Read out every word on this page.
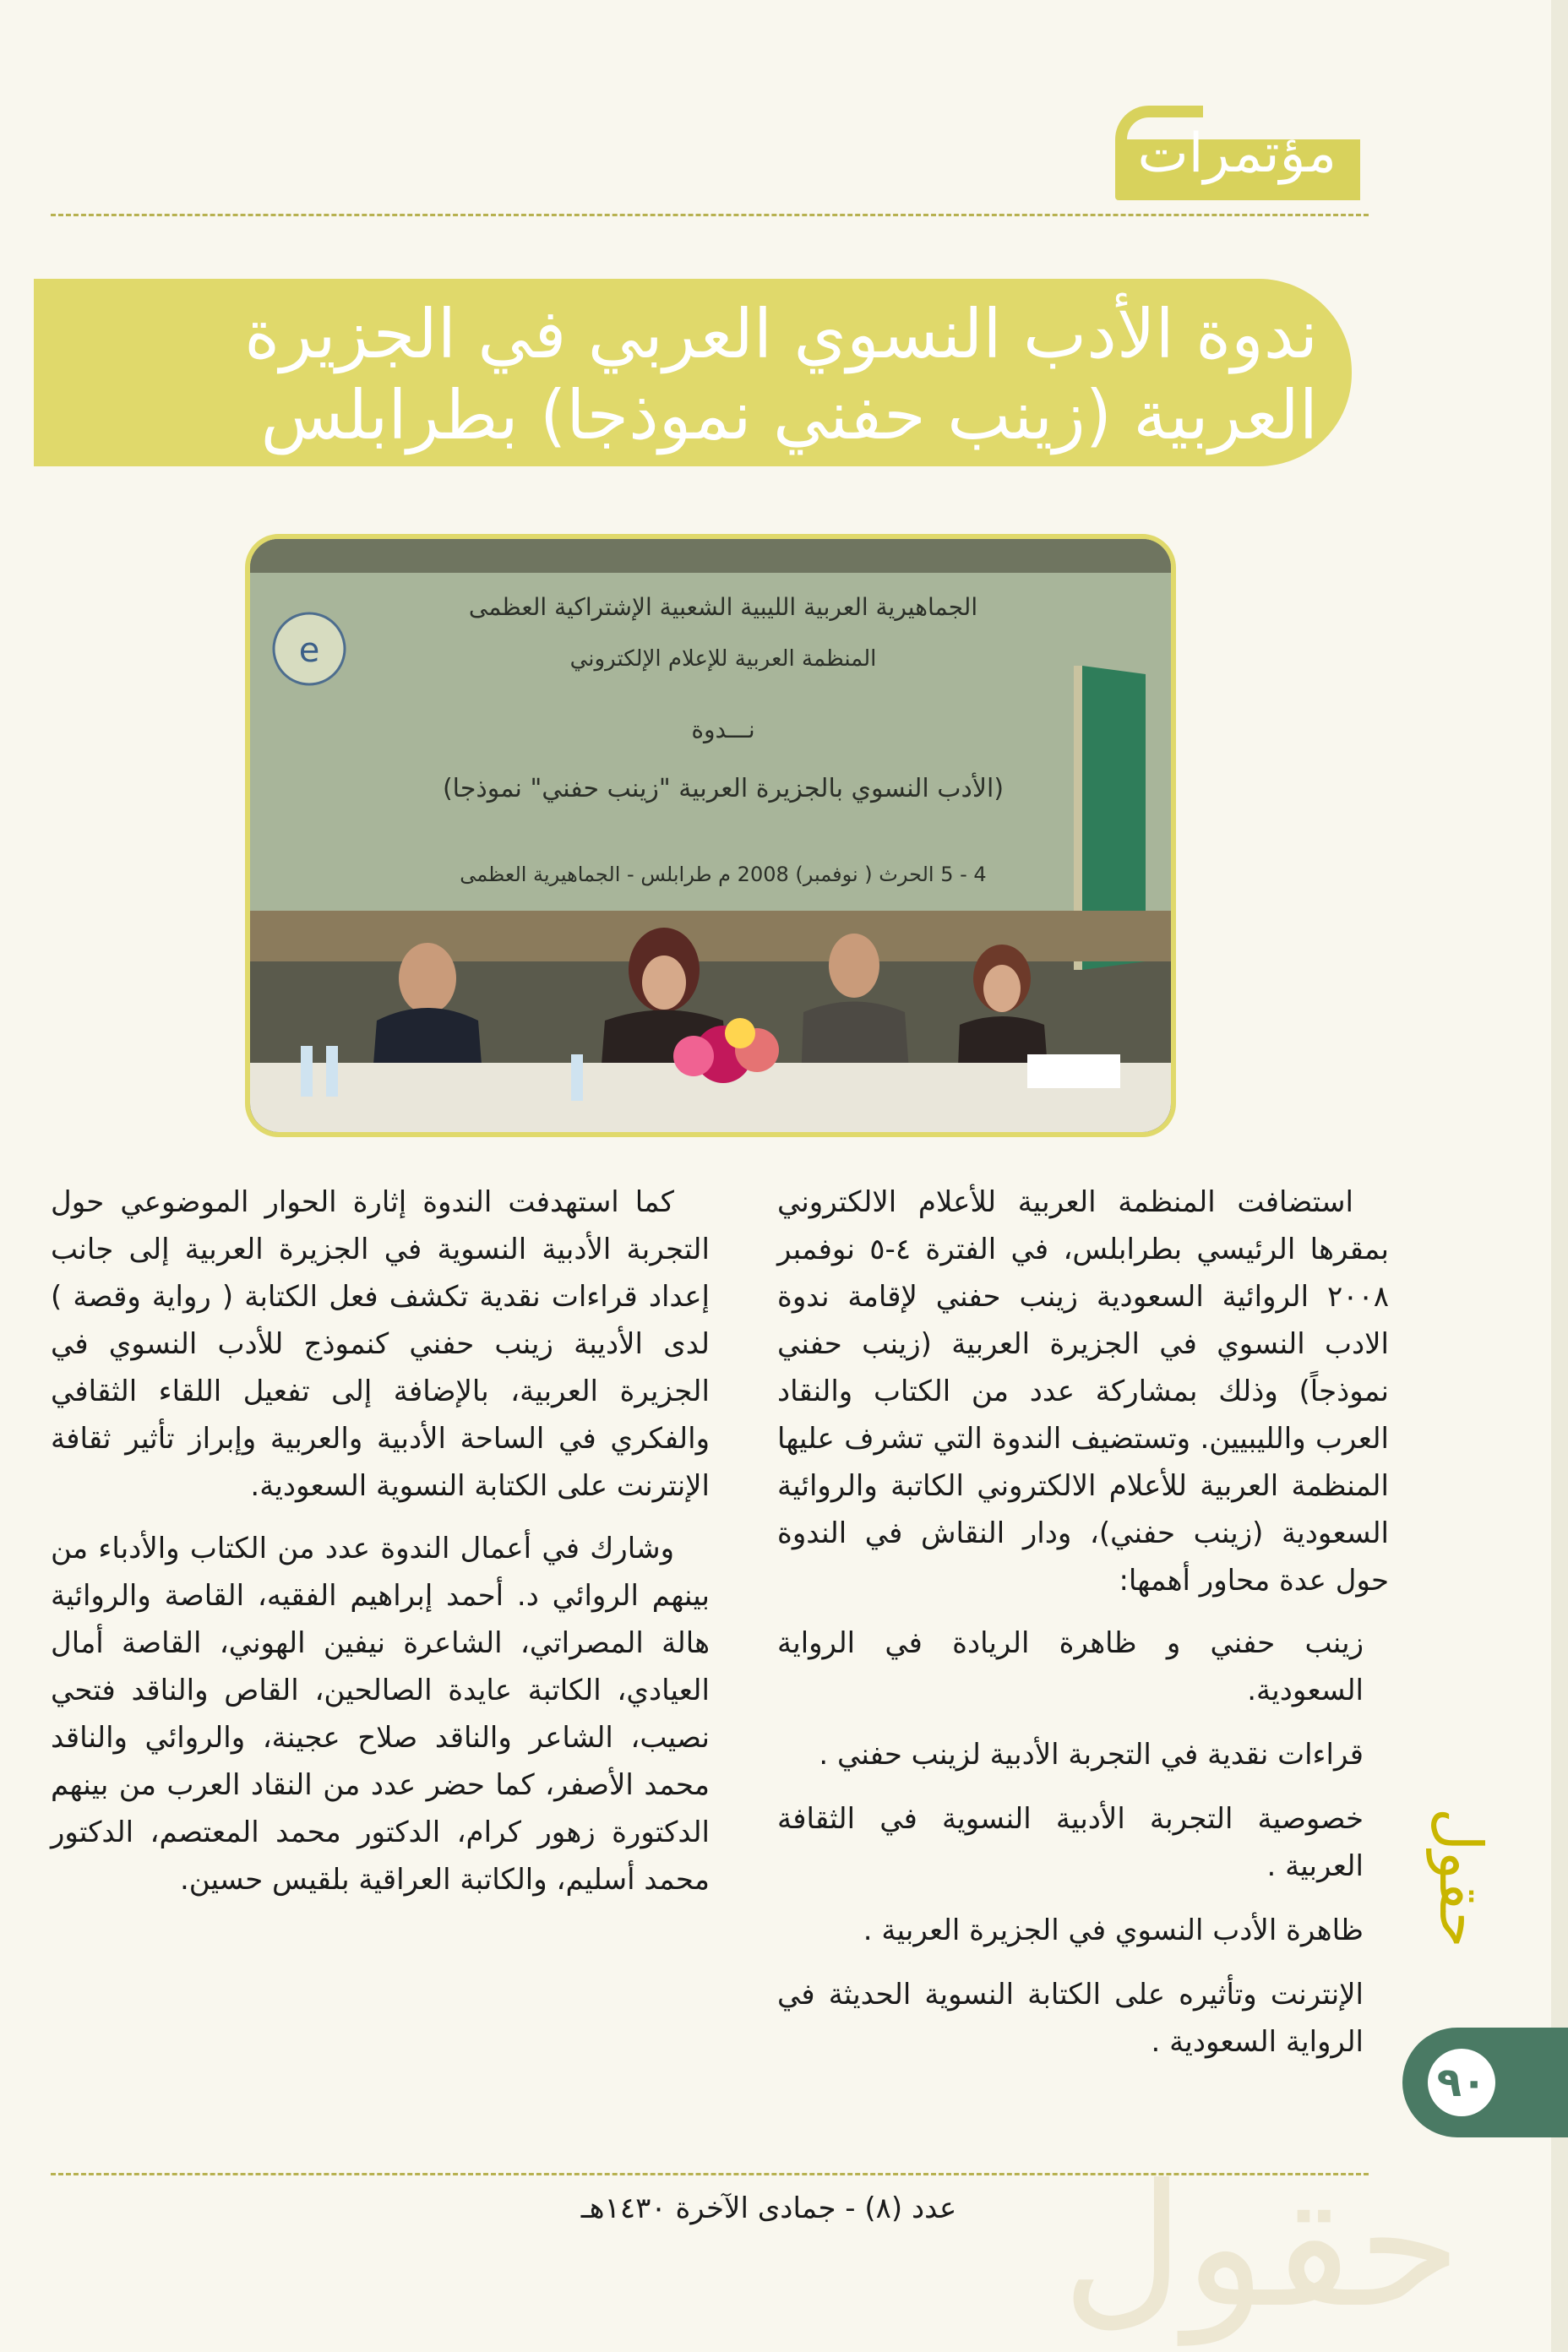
مؤتمرات
ندوة الأدب النسوي العربي في الجزيرة
العربية (زينب حفني نموذجا) بطرابلس
e
الجماهيرية العربية الليبية الشعبية الإشتراكية العظمى
المنظمة العربية للإعلام الإلكتروني
نـــدوة
(الأدب النسوي بالجزيرة العربية "زينب حفني" نموذجا)
4 - 5 الحرث ( نوفمبر) 2008 م طرابلس - الجماهيرية العظمى

استضافت المنظمة العربية للأعلام الالكتروني بمقرها الرئيسي بطرابلس، في الفترة ٤-٥ نوفمبر ٢٠٠٨ الروائية السعودية زينب حفني لإقامة ندوة الادب النسوي في الجزيرة العربية (زينب حفني نموذجاً) وذلك بمشاركة عدد من الكتاب والنقاد العرب والليبيين. وتستضيف الندوة التي تشرف عليها المنظمة العربية للأعلام الالكتروني الكاتبة والروائية السعودية (زينب حفني)، ودار النقاش في الندوة حول عدة محاور أهمها:

زينب حفني و ظاهرة الريادة في الرواية السعودية.

قراءات نقدية في التجربة الأدبية لزينب حفني .

خصوصية التجربة الأدبية النسوية في الثقافة العربية .

ظاهرة الأدب النسوي في الجزيرة العربية .

الإنترنت وتأثيره على الكتابة النسوية الحديثة في الرواية السعودية .

كما استهدفت الندوة إثارة الحوار الموضوعي حول التجربة الأدبية النسوية في الجزيرة العربية إلى جانب إعداد قراءات نقدية تكشف فعل الكتابة ( رواية وقصة ) لدى الأديبة زينب حفني كنموذج للأدب النسوي في الجزيرة العربية، بالإضافة إلى تفعيل اللقاء الثقافي والفكري في الساحة الأدبية والعربية وإبراز تأثير ثقافة الإنترنت على الكتابة النسوية السعودية.

وشارك في أعمال الندوة عدد من الكتاب والأدباء من بينهم الروائي د. أحمد إبراهيم الفقيه، القاصة والروائية هالة المصراتي، الشاعرة نيفين الهوني، القاصة أمال العيادي، الكاتبة عايدة الصالحين، القاص والناقد فتحي نصيب، الشاعر والناقد صلاح عجينة، والروائي والناقد محمد الأصفر، كما حضر عدد من النقاد العرب من بينهم الدكتورة زهور كرام، الدكتور محمد المعتصم، الدكتور محمد أسليم، والكاتبة العراقية بلقيس حسين.	حقول
٩٠
حقول
عدد (٨) - جمادى الآخرة ١٤٣٠هـ
